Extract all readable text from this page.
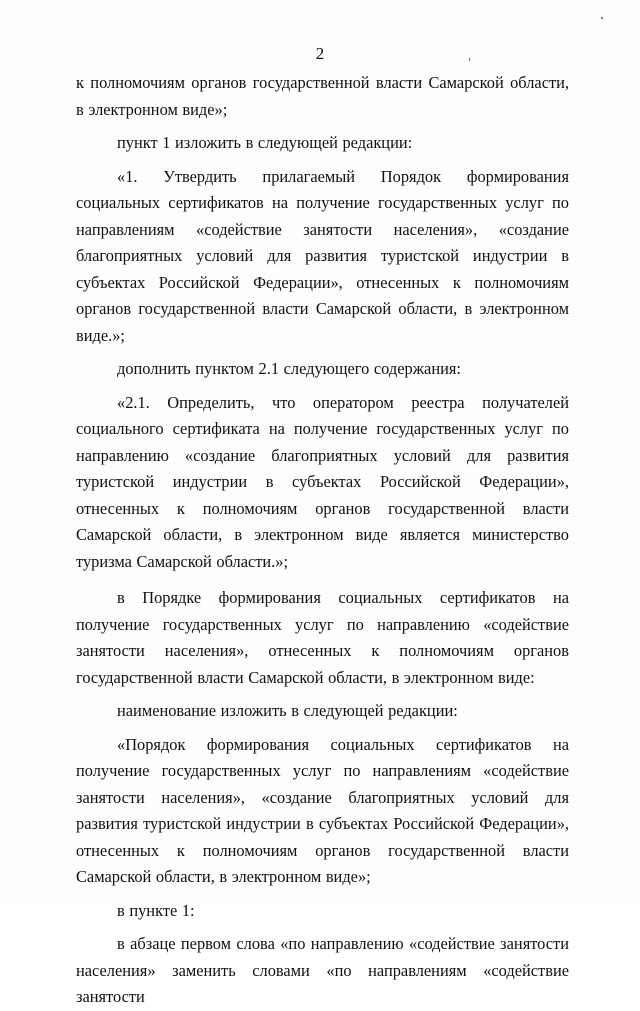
2

к полномочиям органов государственной власти Самарской области, в электронном виде»;

пункт 1 изложить в следующей редакции:

«1. Утвердить прилагаемый Порядок формирования социальных сертификатов на получение государственных услуг по направлениям «содействие занятости населения», «создание благоприятных условий для развития туристской индустрии в субъектах Российской Федерации», отнесенных к полномочиям органов государственной власти Самарской области, в электронном виде.»;

дополнить пунктом 2.1 следующего содержания:

«2.1. Определить, что оператором реестра получателей социального сертификата на получение государственных услуг по направлению «создание благоприятных условий для развития туристской индустрии в субъектах Российской Федерации», отнесенных к полномочиям органов государственной власти Самарской области, в электронном виде является министерство туризма Самарской области.»;

в Порядке формирования социальных сертификатов на получение государственных услуг по направлению «содействие занятости населения», отнесенных к полномочиям органов государственной власти Самарской области, в электронном виде:

наименование изложить в следующей редакции:

«Порядок формирования социальных сертификатов на получение государственных услуг по направлениям «содействие занятости населения», «создание благоприятных условий для развития туристской индустрии в субъектах Российской Федерации», отнесенных к полномочиям органов государственной власти Самарской области, в электронном виде»;

в пункте 1:

в абзаце первом слова «по направлению «содействие занятости населения» заменить словами «по направлениям «содействие занятости
